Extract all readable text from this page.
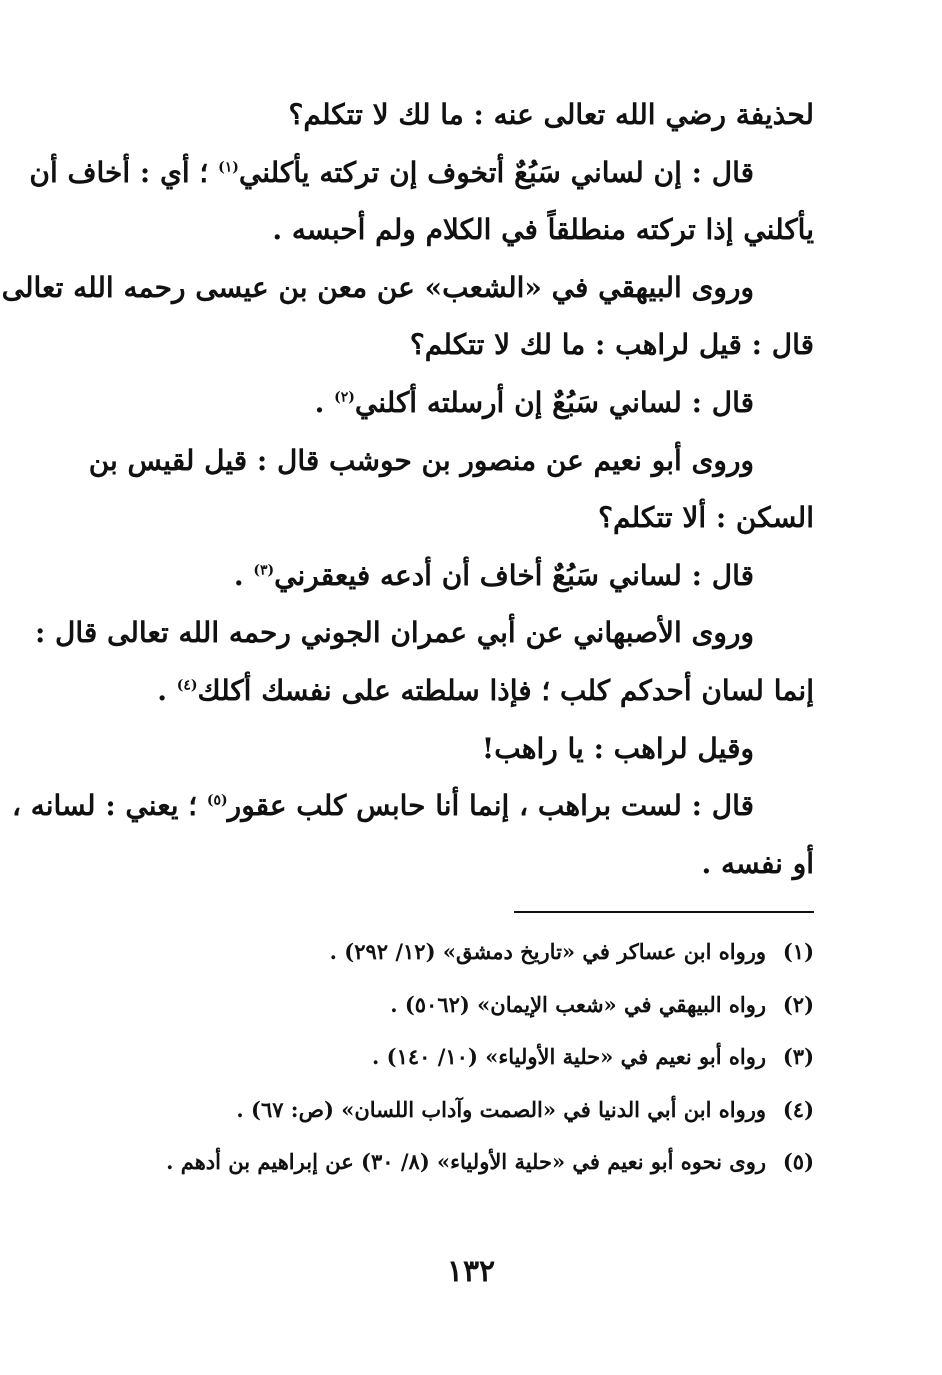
لحذيفة رضي الله تعالى عنه : ما لك لا تتكلم؟
قال : إن لساني سَبُعٌ أتخوف إن تركته يأكلني$^{(١)}$ ؛ أي : أخاف أن
يأكلني إذا تركته منطلقاً في الكلام ولم أحبسه .
وروى البيهقي في «الشعب» عن معن بن عيسى رحمه الله تعالى
قال : قيل لراهب : ما لك لا تتكلم؟
قال : لساني سَبُعٌ إن أرسلته أكلني$^{(٢)}$ .
وروى أبو نعيم عن منصور بن حوشب قال : قيل لقيس بن
السكن : ألا تتكلم؟
قال : لساني سَبُعٌ أخاف أن أدعه فيعقرني$^{(٣)}$ .
وروى الأصبهاني عن أبي عمران الجوني رحمه الله تعالى قال :
إنما لسان أحدكم كلب ؛ فإذا سلطته على نفسك أكلك$^{(٤)}$ .
وقيل لراهب : يا راهب!
قال : لست براهب ، إنما أنا حابس كلب عقور$^{(٥)}$ ؛ يعني : لسانه ،
أو نفسه .
(١)
ورواه ابن عساكر في «تاريخ دمشق» (١٢/ ٢٩٢) .
(٢)
رواه البيهقي في «شعب الإيمان» (٥٠٦٢) .
(٣)
رواه أبو نعيم في «حلية الأولياء» (١٠/ ١٤٠) .
(٤)
ورواه ابن أبي الدنيا في «الصمت وآداب اللسان» (ص: ٦٧) .
(٥)
روى نحوه أبو نعيم في «حلية الأولياء» (٨/ ٣٠) عن إبراهيم بن أدهم .
١٣٢
